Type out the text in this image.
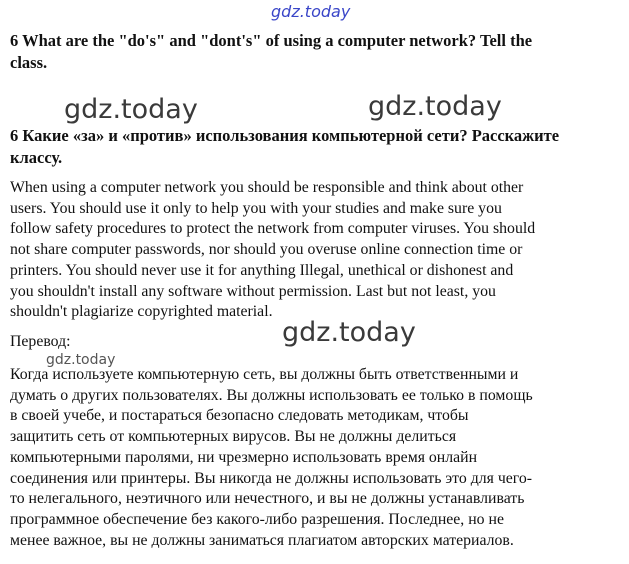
gdz.today
6 What are the "do's" and "dont's" of using a computer network? Tell the
class.
gdz.today	gdz.today
6 Какие «за» и «против» использования компьютерной сети? Расскажите
классу.

When using a computer network you should be responsible and think about other
users. You should use it only to help you with your studies and make sure you
follow safety procedures to protect the network from computer viruses. You should
not share computer passwords, nor should you overuse online connection time or
printers. You should never use it for anything Illegal, unethical or dishonest and
you shouldn't install any software without permission. Last but not least, you
shouldn't plagiarize copyrighted material.

gdz.today
Перевод:
gdz.today

Когда используете компьютерную сеть, вы должны быть ответственными и
думать о других пользователях. Вы должны использовать ее только в помощь
в своей учебе, и постараться безопасно следовать методикам, чтобы
защитить сеть от компьютерных вирусов. Вы не должны делиться
компьютерными паролями, ни чрезмерно использовать время онлайн
соединения или принтеры. Вы никогда не должны использовать это для чего-
то нелегального, неэтичного или нечестного, и вы не должны устанавливать
программное обеспечение без какого-либо разрешения. Последнее, но не
менее важное, вы не должны заниматься плагиатом авторских материалов.
